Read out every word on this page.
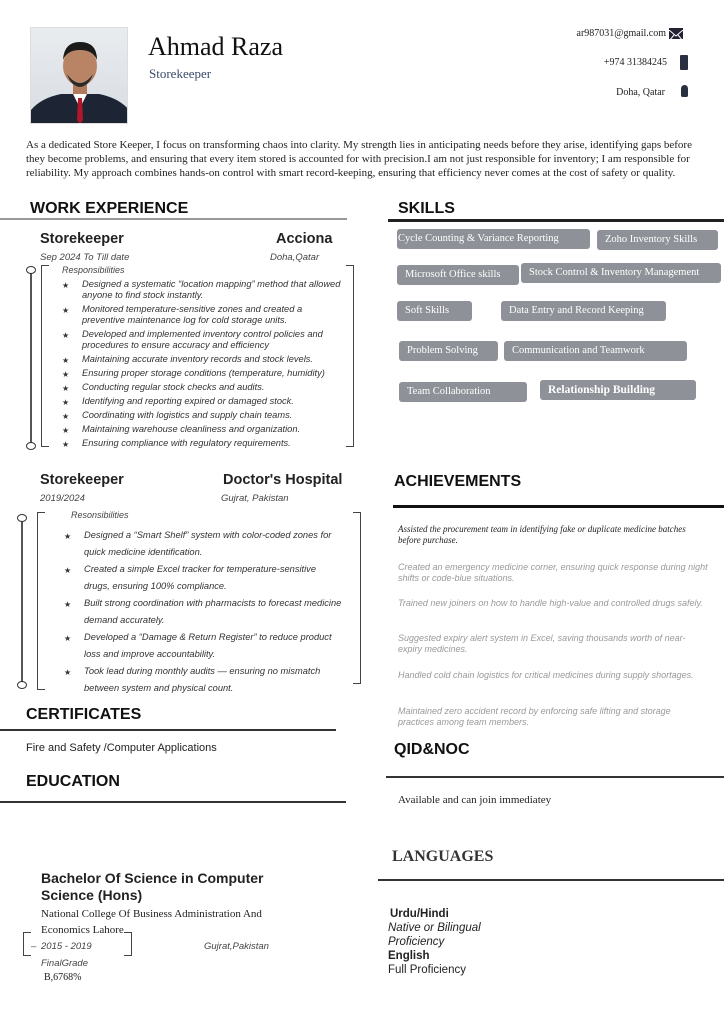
Ahmad Raza
Storekeeper
ar987031@gmail.com
+974 31384245
Doha, Qatar
As a dedicated Store Keeper, I focus on transforming chaos into clarity. My strength lies in anticipating needs before they arise, identifying gaps before they become problems, and ensuring that every item stored is accounted for with precision.I am not just responsible for inventory; I am responsible for reliability. My approach combines hands-on control with smart record-keeping, ensuring that efficiency never comes at the cost of safety or quality.
WORK EXPERIENCE
Storekeeper	Acciona
Sep 2024 To Till date	Doha,Qatar
Responsibilities
★ Designed a systematic “location mapping” method that allowed anyone to find stock instantly.
★ Monitored temperature-sensitive zones and created a preventive maintenance log for cold storage units.
★ Developed and implemented inventory control policies and procedures to ensure accuracy and efficiency
★ Maintaining accurate inventory records and stock levels.
★ Ensuring proper storage conditions (temperature, humidity)
★ Conducting regular stock checks and audits.
★ Identifying and reporting expired or damaged stock.
★ Coordinating with logistics and supply chain teams.
★ Maintaining warehouse cleanliness and organization.
★ Ensuring compliance with regulatory requirements.
Storekeeper	Doctor's Hospital
2019/2024	Gujrat, Pakistan
Resonsibilities
★ Designed a “Smart Shelf” system with color-coded zones for quick medicine identification.
★ Created a simple Excel tracker for temperature-sensitive drugs, ensuring 100% compliance.
★ Built strong coordination with pharmacists to forecast medicine demand accurately.
★ Developed a “Damage & Return Register” to reduce product loss and improve accountability.
★ Took lead during monthly audits — ensuring no mismatch between system and physical count.
CERTIFICATES
Fire and Safety /Computer Applications
EDUCATION
Bachelor Of Science in Computer Science (Hons)
National College Of Business Administration And Economics Lahore
– 2015 - 2019	Gujrat,Pakistan
FinalGrade
B,6768%
SKILLS
Cycle Counting & Variance Reporting	Zoho Inventory Skills
Microsoft Office skills	Stock Control & Inventory Management
Soft Skills	Data Entry and Record Keeping
Problem Solving	Communication and Teamwork
Team Collaboration	Relationship Building
ACHIEVEMENTS
Assisted the procurement team in identifying fake or duplicate medicine batches before purchase.
Created an emergency medicine corner, ensuring quick response during night shifts or code-blue situations.
Trained new joiners on how to handle high-value and controlled drugs safely.
Suggested expiry alert system in Excel, saving thousands worth of near-expiry medicines.
Handled cold chain logistics for critical medicines during supply shortages.
Maintained zero accident record by enforcing safe lifting and storage practices among team members.
QID&NOC
Available and can join immediatey
LANGUAGES
Urdu/Hindi
Native or Bilingual Proficiency
English
Full Proficiency
